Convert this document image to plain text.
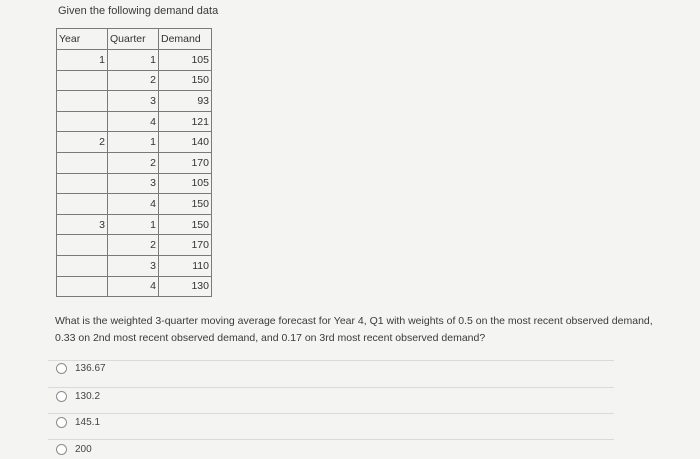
Given the following demand data
Year	Quarter	Demand
1	1	105
	2	150
	3	93
	4	121
2	1	140
	2	170
	3	105
	4	150
3	1	150
	2	170
	3	110
	4	130
What is the weighted 3-quarter moving average forecast for Year 4, Q1 with weights of 0.5 on the most recent observed demand, 0.33 on 2nd most recent observed demand, and 0.17 on 3rd most recent observed demand?
136.67
130.2
145.1
200
